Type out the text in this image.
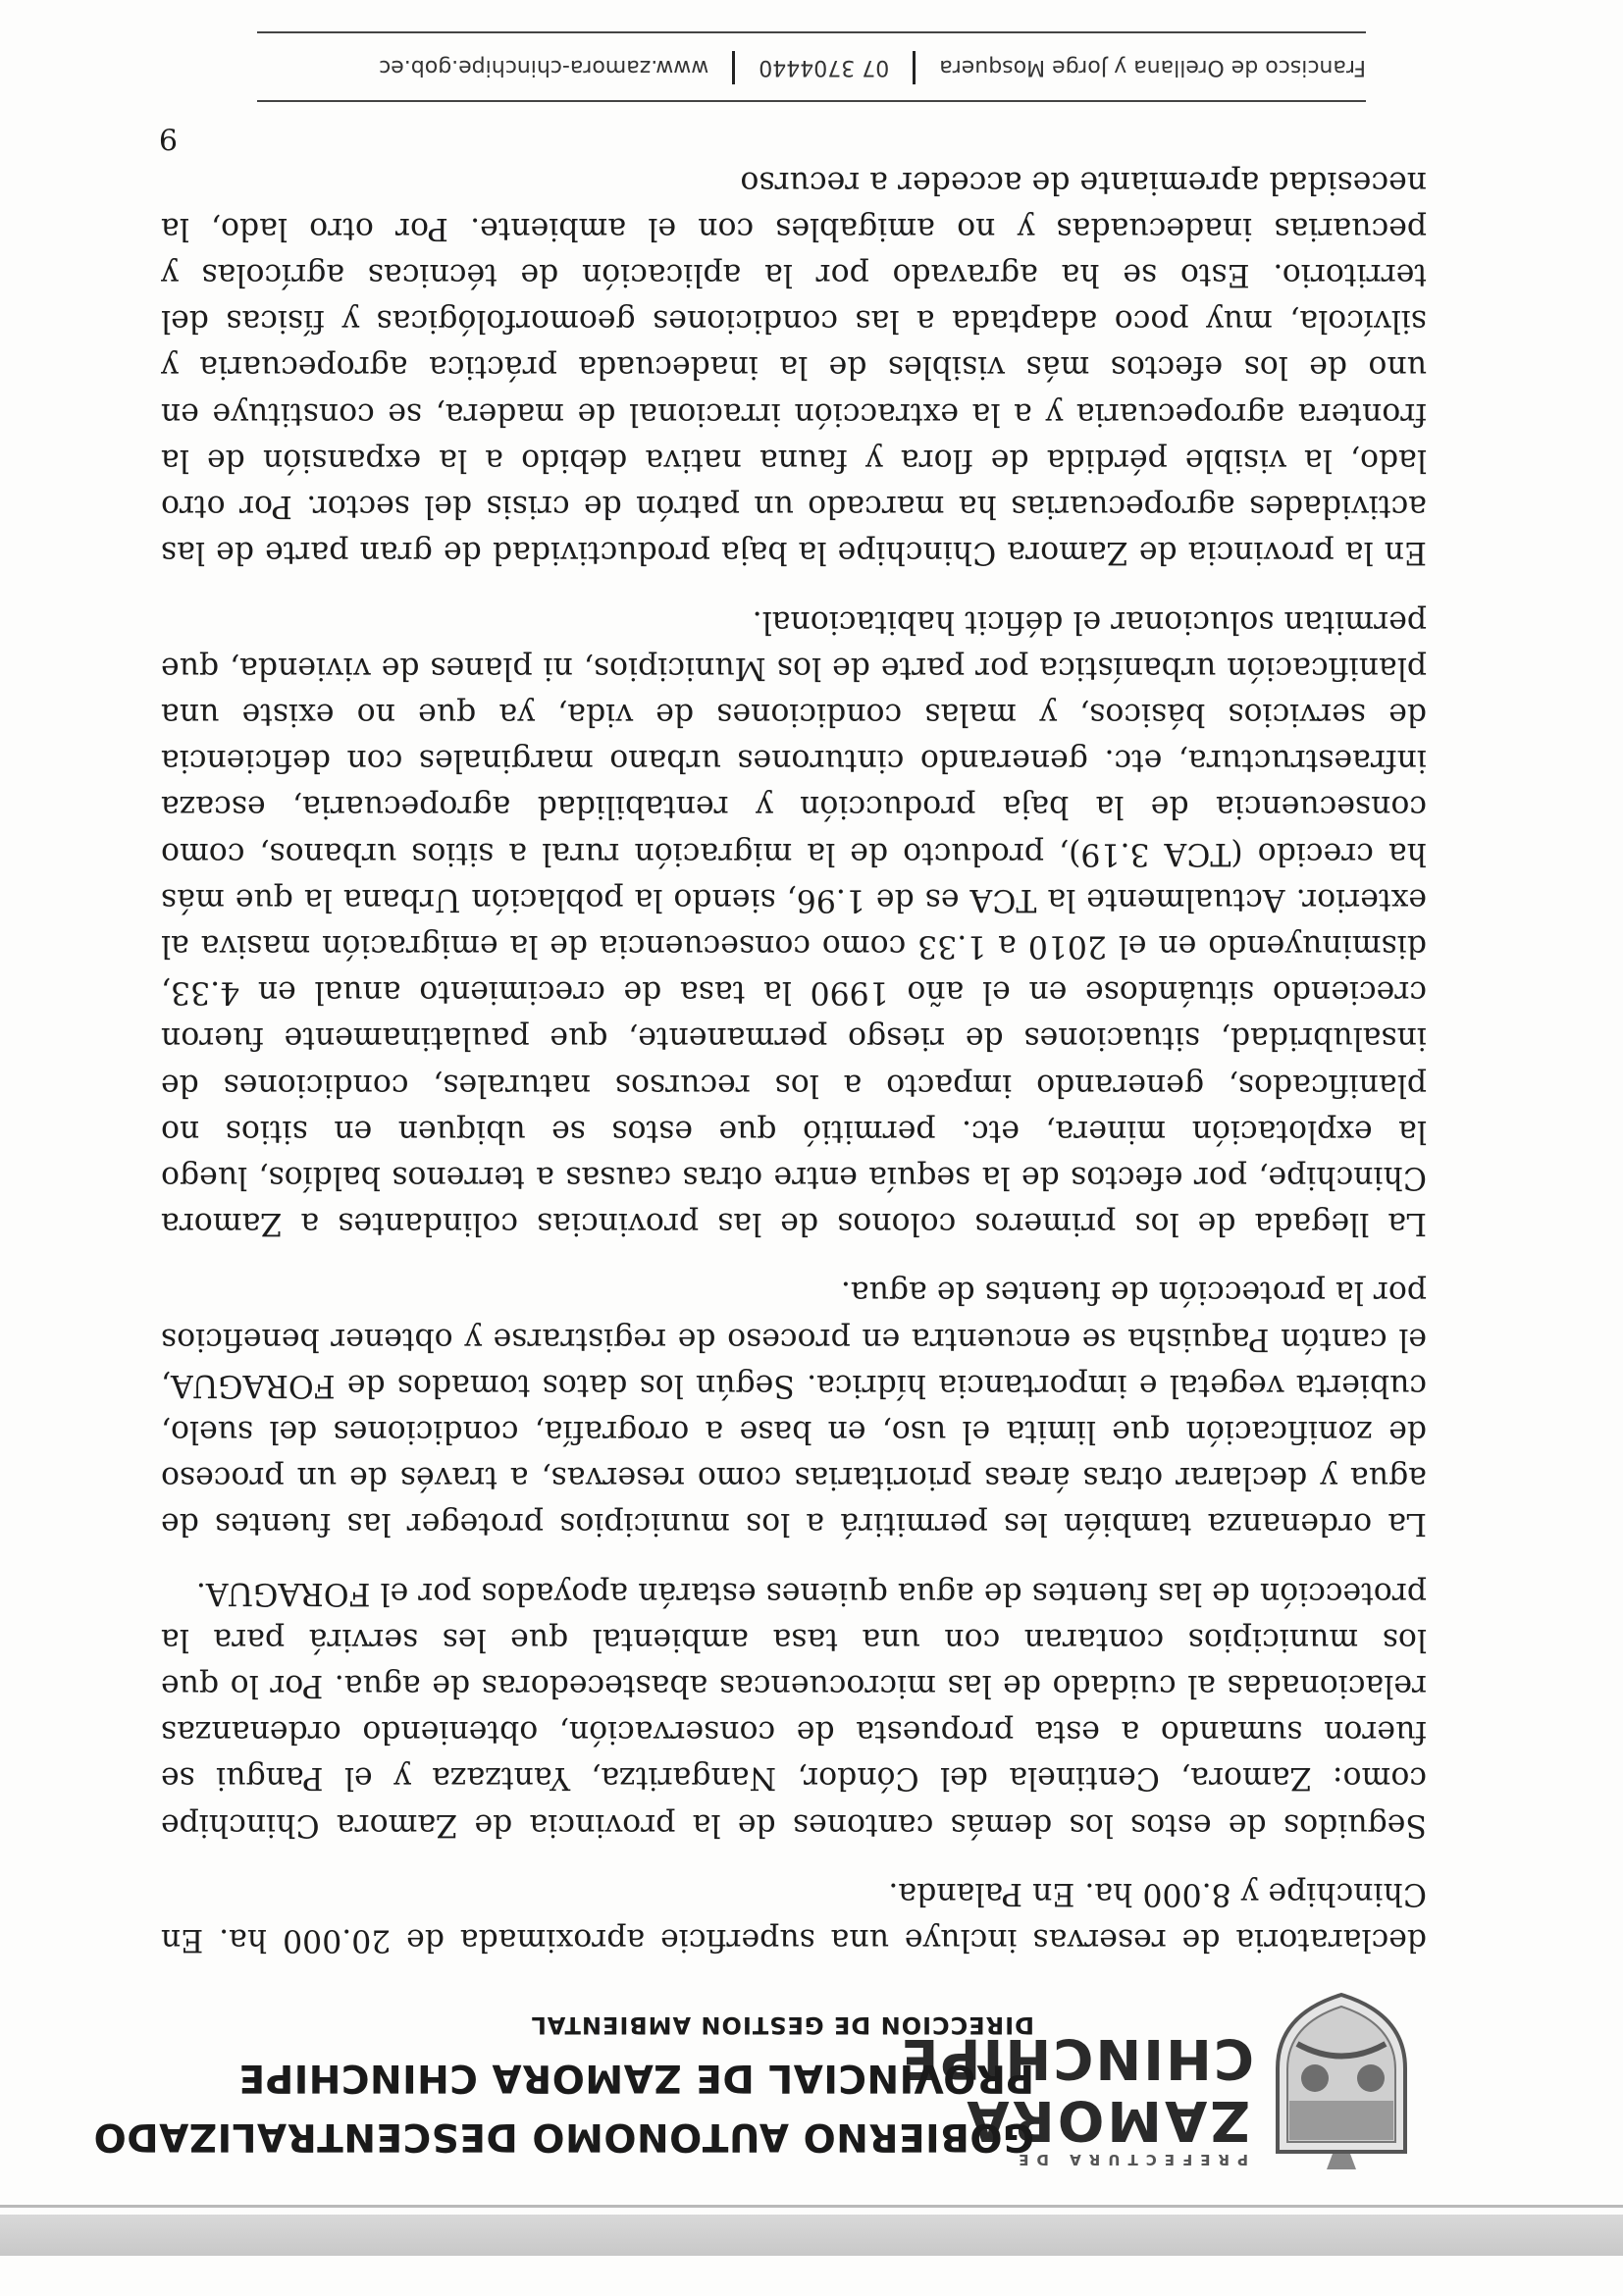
PREFECTURA DE
ZAMORA
CHINCHIPE
GOBIERNO AUTONOMO DESCENTRALIZADO
PROVINCIAL DE ZAMORA CHINCHIPE
DIRECCION DE GESTION AMBIENTAL

declaratoria de reservas incluye una superficie aproximada de 20.000 ha. En Chinchipe y 8.000 ha. En Palanda.

Seguidos de estos los demás cantones de la provincia de Zamora Chinchipe como: Zamora, Centinela del Cóndor, Nangaritza, Yantzaza y el Pangui se fueron sumando a esta propuesta de conservación, obteniendo ordenanzas relacionadas al cuidado de las microcuencas abastecedoras de agua. Por lo que los municipios contaran con una tasa ambiental que les servirá para la protección de las fuentes de agua quienes estarán apoyados por el FORAGUA.

La ordenanza también les permitirá a los municipios proteger las fuentes de agua y declarar otras áreas prioritarias como reservas, a través de un proceso de zonificación que limita el uso, en base a orografía, condiciones del suelo, cubierta vegetal e importancia hídrica. Según los datos tomados de FORAGUA, el cantón Paquisha se encuentra en proceso de registrarse y obtener beneficios por la protección de fuentes de agua.

La llegada de los primeros colonos de las provincias colindantes a Zamora Chinchipe, por efectos de la sequía entre otras causas a terrenos baldíos, luego la explotación minera, etc. permitió que estos se ubiquen en sitios no planificados, generando impacto a los recursos naturales, condiciones de insalubridad, situaciones de riesgo permanente, que paulatinamente fueron creciendo situándose en el año 1990 la tasa de crecimiento anual en 4.33, disminuyendo en el 2010 a 1.33 como consecuencia de la emigración masiva al exterior. Actualmente la TCA es de 1.96, siendo la población Urbana la que más ha crecido (TCA 3.19), producto de la migración rural a sitios urbanos, como consecuencia de la baja producción y rentabilidad agropecuaria, escaza infraestructura, etc. generando cinturones urbano marginales con deficiencia de servicios básicos, y malas condiciones de vida, ya que no existe una planificación urbanística por parte de los Municipios, ni planes de vivienda, que permitan solucionar el déficit habitacional.

En la provincia de Zamora Chinchipe la baja productividad de gran parte de las actividades agropecuarias ha marcado un patrón de crisis del sector. Por otro lado, la visible pérdida de flora y fauna nativa debido a la expansión de la frontera agropecuaria y a la extracción irracional de madera, se constituye en uno de los efectos más visibles de la inadecuada práctica agropecuaria y silvícola, muy poco adaptada a las condiciones geomorfológicas y físicas del territorio. Esto se ha agravado por la aplicación de técnicas agrícolas y pecuarias inadecuadas y no amigables con el ambiente. Por otro lado, la necesidad apremiante de acceder a recurso

9
Francisco de Orellana y Jorge Mosquera
07 3704440
www.zamora-chinchipe.gob.ec
